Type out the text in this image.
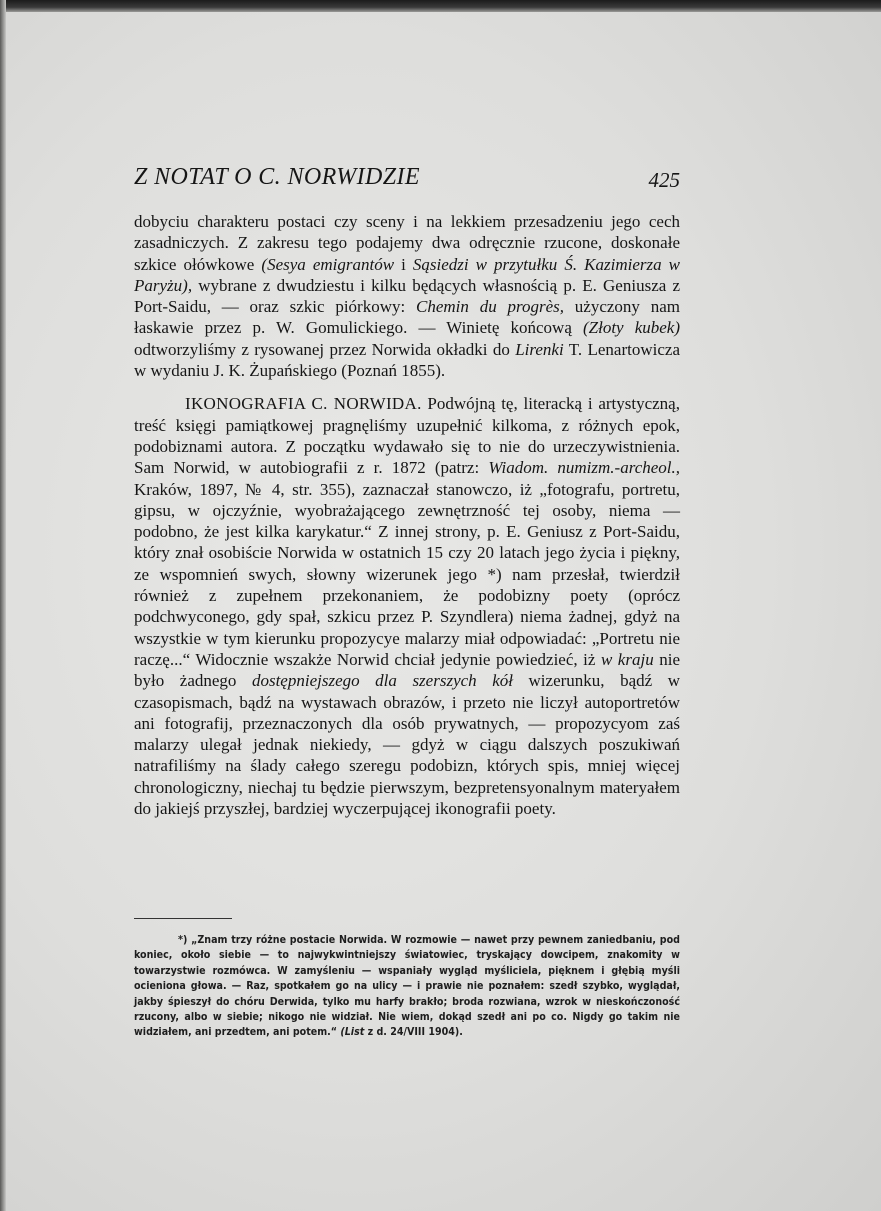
Z NOTAT O C. NORWIDZIE	425

dobyciu charakteru postaci czy sceny i na lekkiem przesadzeniu jego cech zasadniczych. Z zakresu tego podajemy dwa odręcznie rzucone, doskonałe szkice ołówkowe (Sesya emigrantów i Sąsiedzi w przytułku Ś. Kazimierza w Paryżu), wybrane z dwudziestu i kilku będących własnością p. E. Geniusza z Port-Saidu, — oraz szkic piórkowy: Chemin du progrès, użyczony nam łaskawie przez p. W. Gomulickiego. — Winietę końcową (Złoty kubek) odtworzyliśmy z rysowanej przez Norwida okładki do Lirenki T. Lenartowicza w wydaniu J. K. Żupańskiego (Poznań 1855).

IKONOGRAFIA C. NORWIDA. Podwójną tę, literacką i artystyczną, treść księgi pamiątkowej pragnęliśmy uzupełnić kilkoma, z różnych epok, podobiznami autora. Z początku wydawało się to nie do urzeczywistnienia. Sam Norwid, w autobiografii z r. 1872 (patrz: Wiadom. numizm.-archeol., Kraków, 1897, № 4, str. 355), zaznaczał stanowczo, iż „fotografu, portretu, gipsu, w ojczyźnie, wyobrażającego zewnętrzność tej osoby, niema — podobno, że jest kilka karykatur.“ Z innej strony, p. E. Geniusz z Port-Saidu, który znał osobiście Norwida w ostatnich 15 czy 20 latach jego życia i piękny, ze wspomnień swych, słowny wizerunek jego *) nam przesłał, twierdził również z zupełnem przekonaniem, że podobizny poety (oprócz podchwyconego, gdy spał, szkicu przez P. Szyndlera) niema żadnej, gdyż na wszystkie w tym kierunku propozycye malarzy miał odpowiadać: „Portretu nie raczę...“ Widocznie wszakże Norwid chciał jedynie powiedzieć, iż w kraju nie było żadnego dostępniejszego dla szerszych kół wizerunku, bądź w czasopismach, bądź na wystawach obrazów, i przeto nie liczył autoportretów ani fotografij, przeznaczonych dla osób prywatnych, — propozycyom zaś malarzy ulegał jednak niekiedy, — gdyż w ciągu dalszych poszukiwań natrafiliśmy na ślady całego szeregu podobizn, których spis, mniej więcej chronologiczny, niechaj tu będzie pierwszym, bezpretensyonalnym materyałem do jakiejś przyszłej, bardziej wyczerpującej ikonografii poety.

*) „Znam trzy różne postacie Norwida. W rozmowie — nawet przy pewnem zaniedbaniu, pod koniec, około siebie — to najwykwintniejszy światowiec, tryskający dowcipem, znakomity w towarzystwie rozmówca. W zamyśleniu — wspaniały wygląd myśliciela, pięknem i głębią myśli ocieniona głowa. — Raz, spotkałem go na ulicy — i prawie nie poznałem: szedł szybko, wyglądał, jakby śpieszył do chóru Derwida, tylko mu harfy brakło; broda rozwiana, wzrok w nieskończoność rzucony, albo w siebie; nikogo nie widział. Nie wiem, dokąd szedł ani po co. Nigdy go takim nie widziałem, ani przedtem, ani potem.“ (List z d. 24/VIII 1904).
